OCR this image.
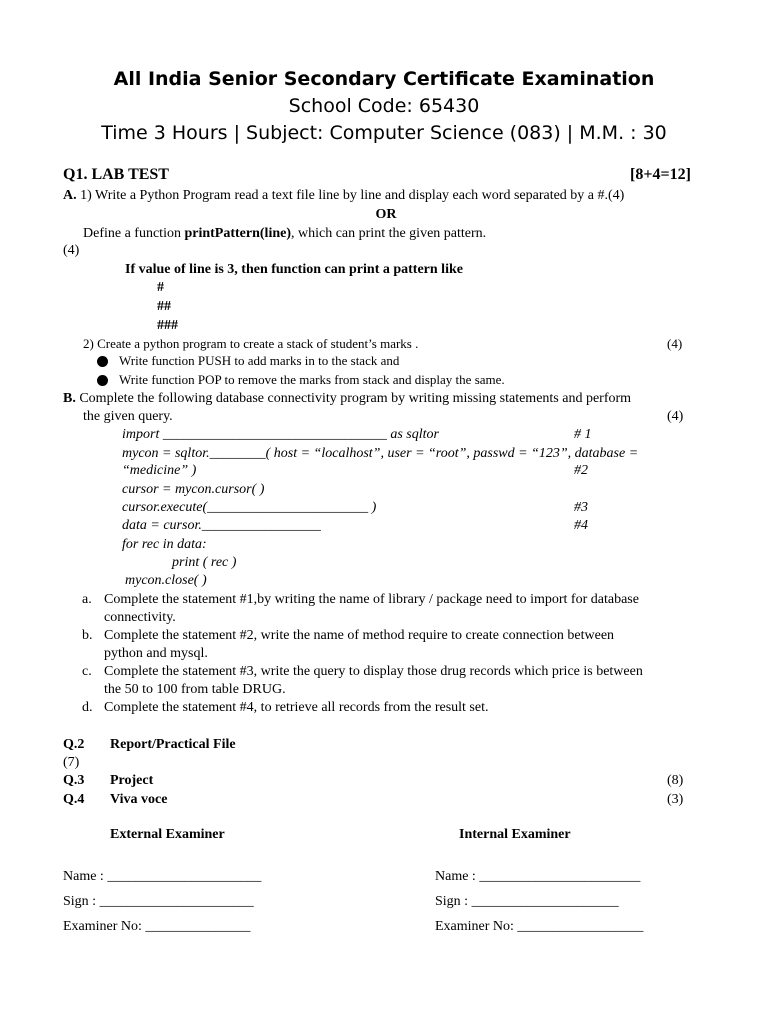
All India Senior Secondary Certificate Examination
School Code: 65430
Time 3 Hours | Subject: Computer Science (083) | M.M. : 30
Q1. LAB TEST	[8+4=12]
A. 1) Write a Python Program read a text file line by line and display each word separated by a #.(4)
OR
Define a function printPattern(line), which can print the given pattern.
(4)
If value of line is 3, then function can print a pattern like
#
##
###
2) Create a python program to create a stack of student’s marks .	(4)
Write function PUSH to add marks in to the stack and
Write function POP to remove the marks from stack and display the same.
B. Complete the following database connectivity program by writing missing statements and perform
the given query.	(4)
import ________________________________ as sqltor	# 1
mycon = sqltor.________( host = “localhost”, user = “root”, passwd = “123”, database =
“medicine” )	#2
cursor = mycon.cursor( )
cursor.execute(_______________________ )	#3
data = cursor._________________	#4
for rec in data:
print ( rec )
mycon.close( )
a. Complete the statement #1,by writing the name of library / package need to import for database
connectivity.
b. Complete the statement #2, write the name of method require to create connection between
python and mysql.
c. Complete the statement #3, write the query to display those drug records which price is between
the 50 to 100 from table DRUG.
d. Complete the statement #4, to retrieve all records from the result set.
Q.2 Report/Practical File
(7)
Q.3 Project	(8)
Q.4 Viva voce	(3)
External Examiner	Internal Examiner
Name : ______________________	Name : _______________________
Sign : ______________________	Sign : _____________________
Examiner No: _______________	Examiner No: __________________
